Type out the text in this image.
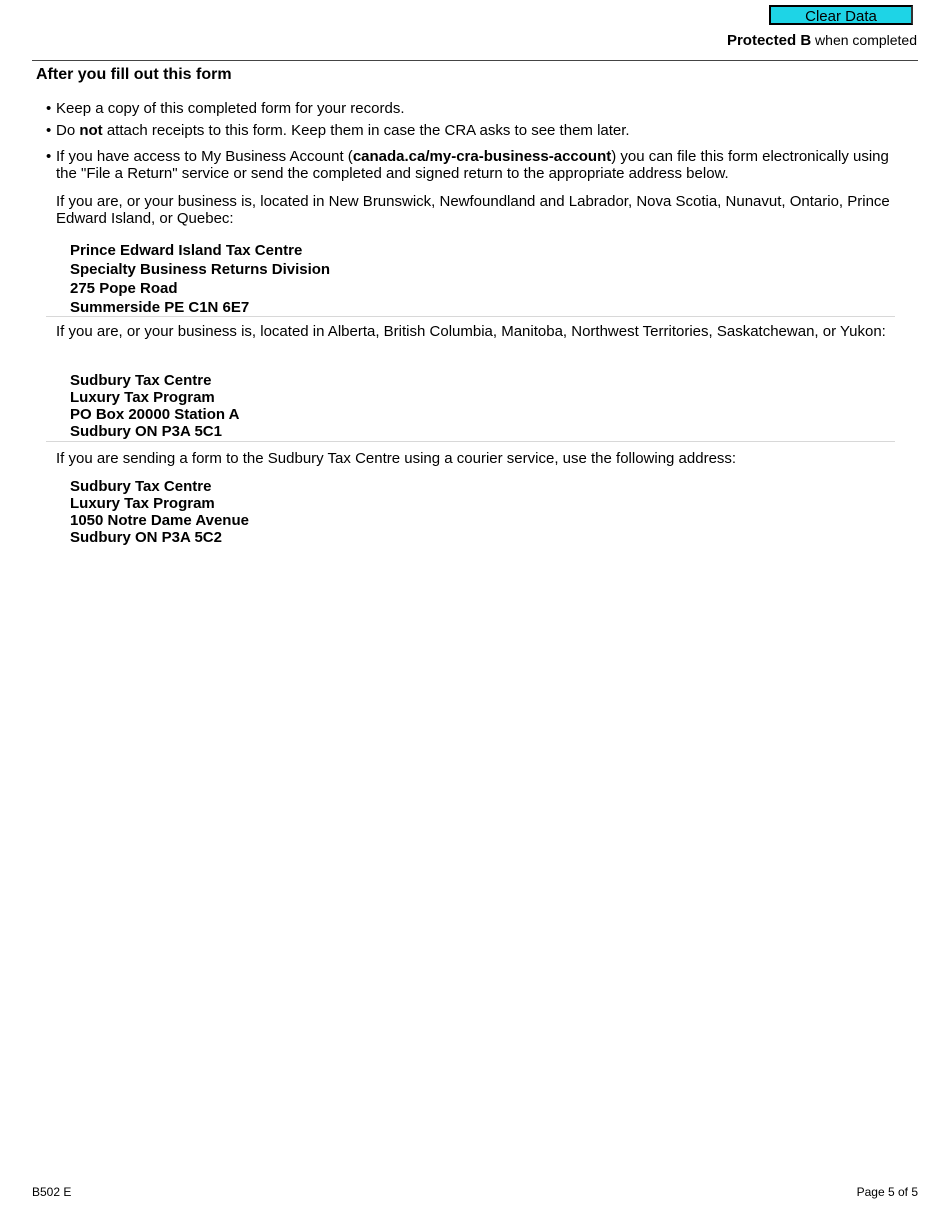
Clear Data
Protected B when completed
After you fill out this form
• Keep a copy of this completed form for your records.
• Do not attach receipts to this form. Keep them in case the CRA asks to see them later.
• If you have access to My Business Account (canada.ca/my-cra-business-account) you can file this form electronically using the "File a Return" service or send the completed and signed return to the appropriate address below.
If you are, or your business is, located in New Brunswick, Newfoundland and Labrador, Nova Scotia, Nunavut, Ontario, Prince Edward Island, or Quebec:
Prince Edward Island Tax Centre
Specialty Business Returns Division
275 Pope Road
Summerside PE C1N 6E7
If you are, or your business is, located in Alberta, British Columbia, Manitoba, Northwest Territories, Saskatchewan, or Yukon:
Sudbury Tax Centre
Luxury Tax Program
PO Box 20000 Station A
Sudbury ON P3A 5C1
If you are sending a form to the Sudbury Tax Centre using a courier service, use the following address:
Sudbury Tax Centre
Luxury Tax Program
1050 Notre Dame Avenue
Sudbury ON P3A 5C2
B502 E	Page 5 of 5
